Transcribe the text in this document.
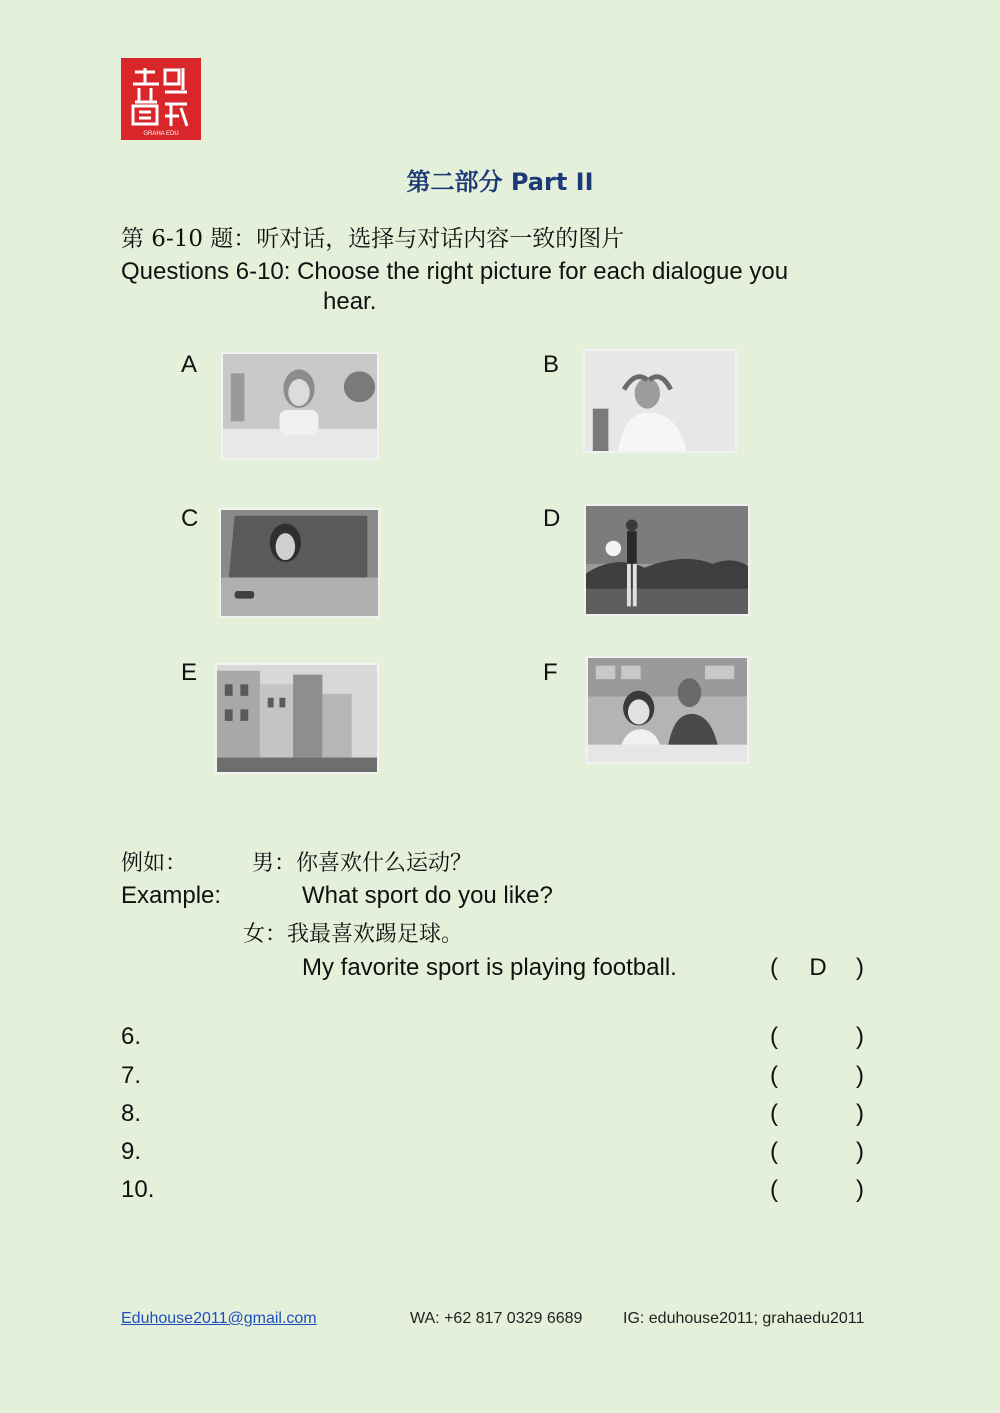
GRAHA EDU
第二部分 Part II
第 6-10 题：听对话，选择与对话内容一致的图片
Questions 6-10: Choose the right picture for each dialogue you
hear.
A	B
C	D
E	F
例如：	男：你喜欢什么运动？
Example:	What sport do you like?
女：我最喜欢踢足球。
My favorite sport is playing football.	( D )
6.	(	)
7.	(	)
8.	(	)
9.	(	)
10.	(	)
Eduhouse2011@gmail.com	WA: +62 817 0329 6689	IG: eduhouse2011; grahaedu2011
